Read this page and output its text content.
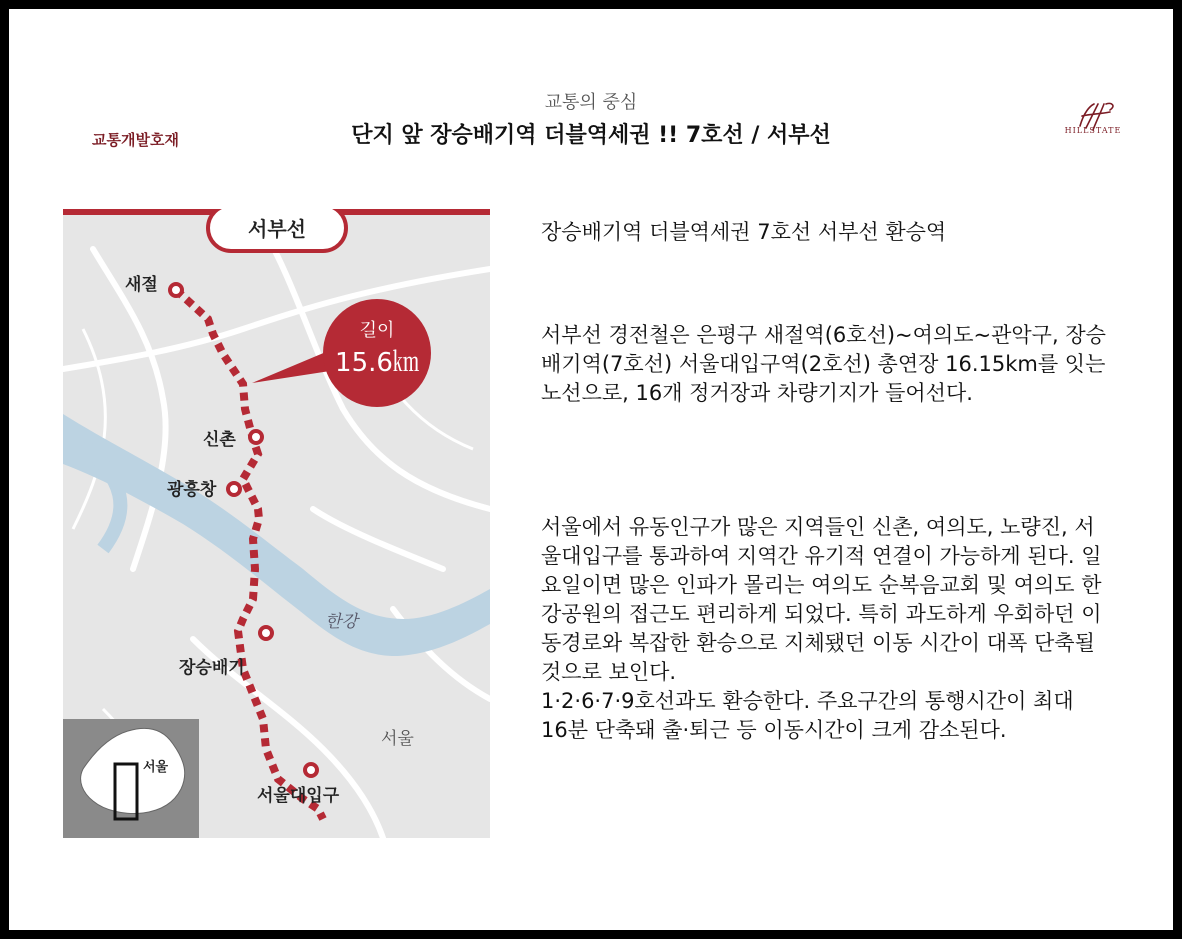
교통개발호재
교통의 중심
단지 앞 장승배기역 더블역세권 !! 7호선 / 서부선	HILLSTATE
서부선
길이
15.6㎞
새절
신촌
광흥창
장승배기
서울대입구
한강
서울
서울
장승배기역 더블역세권 7호선 서부선 환승역
서부선 경전철은 은평구 새절역(6호선)~여의도~관악구, 장승배기역(7호선) 서울대입구역(2호선) 총연장 16.15km를 잇는 노선으로, 16개 정거장과 차량기지가 들어선다.
서울에서 유동인구가 많은 지역들인 신촌, 여의도, 노량진, 서울대입구를 통과하여 지역간 유기적 연결이 가능하게 된다. 일요일이면 많은 인파가 몰리는 여의도 순복음교회 및 여의도 한강공원의 접근도 편리하게 되었다. 특히 과도하게 우회하던 이동경로와 복잡한 환승으로 지체됐던 이동 시간이 대폭 단축될 것으로 보인다.
1·2·6·7·9호선과도 환승한다. 주요구간의 통행시간이 최대 16분 단축돼 출·퇴근 등 이동시간이 크게 감소된다.
